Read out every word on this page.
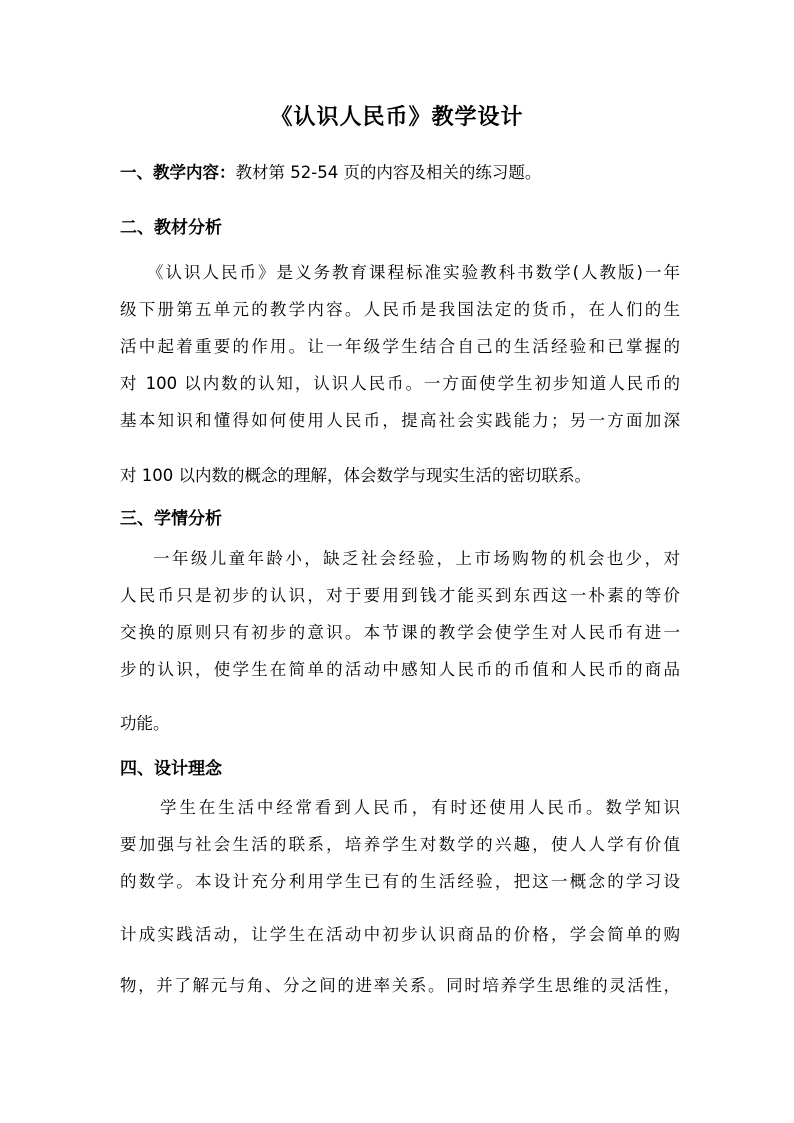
《认识人民币》教学设计
一、教学内容：教材第 52-54 页的内容及相关的练习题。
二、教材分析
《认识人民币》是义务教育课程标准实验教科书数学(人教版)一年
级下册第五单元的教学内容。人民币是我国法定的货币，在人们的生
活中起着重要的作用。让一年级学生结合自己的生活经验和已掌握的
对 100 以内数的认知，认识人民币。一方面使学生初步知道人民币的
基本知识和懂得如何使用人民币，提高社会实践能力；另一方面加深
对 100 以内数的概念的理解，体会数学与现实生活的密切联系。
三、学情分析
一年级儿童年龄小，缺乏社会经验，上市场购物的机会也少，对
人民币只是初步的认识，对于要用到钱才能买到东西这一朴素的等价
交换的原则只有初步的意识。本节课的教学会使学生对人民币有进一
步的认识，使学生在简单的活动中感知人民币的币值和人民币的商品
功能。
四、设计理念
学生在生活中经常看到人民币，有时还使用人民币。数学知识
要加强与社会生活的联系，培养学生对数学的兴趣，使人人学有价值
的数学。本设计充分利用学生已有的生活经验，把这一概念的学习设
计成实践活动，让学生在活动中初步认识商品的价格，学会简单的购
物，并了解元与角、分之间的进率关系。同时培养学生思维的灵活性，
